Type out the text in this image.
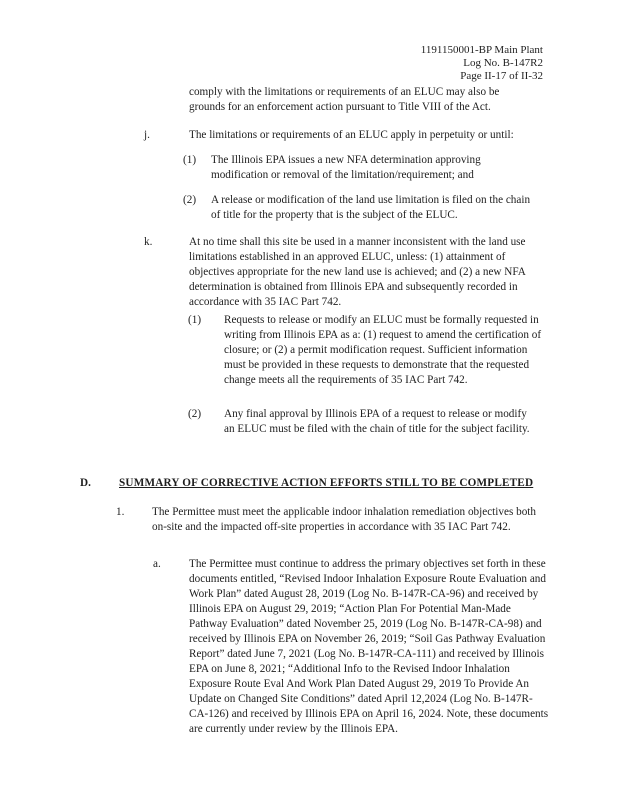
1191150001-BP Main Plant
Log No. B-147R2
Page II-17 of II-32
comply with the limitations or requirements of an ELUC may also be grounds for an enforcement action pursuant to Title VIII of the Act.
j.	The limitations or requirements of an ELUC apply in perpetuity or until:
(1) The Illinois EPA issues a new NFA determination approving modification or removal of the limitation/requirement; and
(2) A release or modification of the land use limitation is filed on the chain of title for the property that is the subject of the ELUC.
k.	At no time shall this site be used in a manner inconsistent with the land use limitations established in an approved ELUC, unless: (1) attainment of objectives appropriate for the new land use is achieved; and (2) a new NFA determination is obtained from Illinois EPA and subsequently recorded in accordance with 35 IAC Part 742.
(1) Requests to release or modify an ELUC must be formally requested in writing from Illinois EPA as a: (1) request to amend the certification of closure; or (2) a permit modification request. Sufficient information must be provided in these requests to demonstrate that the requested change meets all the requirements of 35 IAC Part 742.
(2) Any final approval by Illinois EPA of a request to release or modify an ELUC must be filed with the chain of title for the subject facility.
D.	SUMMARY OF CORRECTIVE ACTION EFFORTS STILL TO BE COMPLETED
1. The Permittee must meet the applicable indoor inhalation remediation objectives both on-site and the impacted off-site properties in accordance with 35 IAC Part 742.
a.	The Permittee must continue to address the primary objectives set forth in these documents entitled, “Revised Indoor Inhalation Exposure Route Evaluation and Work Plan” dated August 28, 2019 (Log No. B-147R-CA-96) and received by Illinois EPA on August 29, 2019; “Action Plan For Potential Man-Made Pathway Evaluation” dated November 25, 2019 (Log No. B-147R-CA-98) and received by Illinois EPA on November 26, 2019; “Soil Gas Pathway Evaluation Report” dated June 7, 2021 (Log No. B-147R-CA-111) and received by Illinois EPA on June 8, 2021; “Additional Info to the Revised Indoor Inhalation Exposure Route Eval And Work Plan Dated August 29, 2019 To Provide An Update on Changed Site Conditions” dated April 12,2024 (Log No. B-147R-CA-126) and received by Illinois EPA on April 16, 2024. Note, these documents are currently under review by the Illinois EPA.
